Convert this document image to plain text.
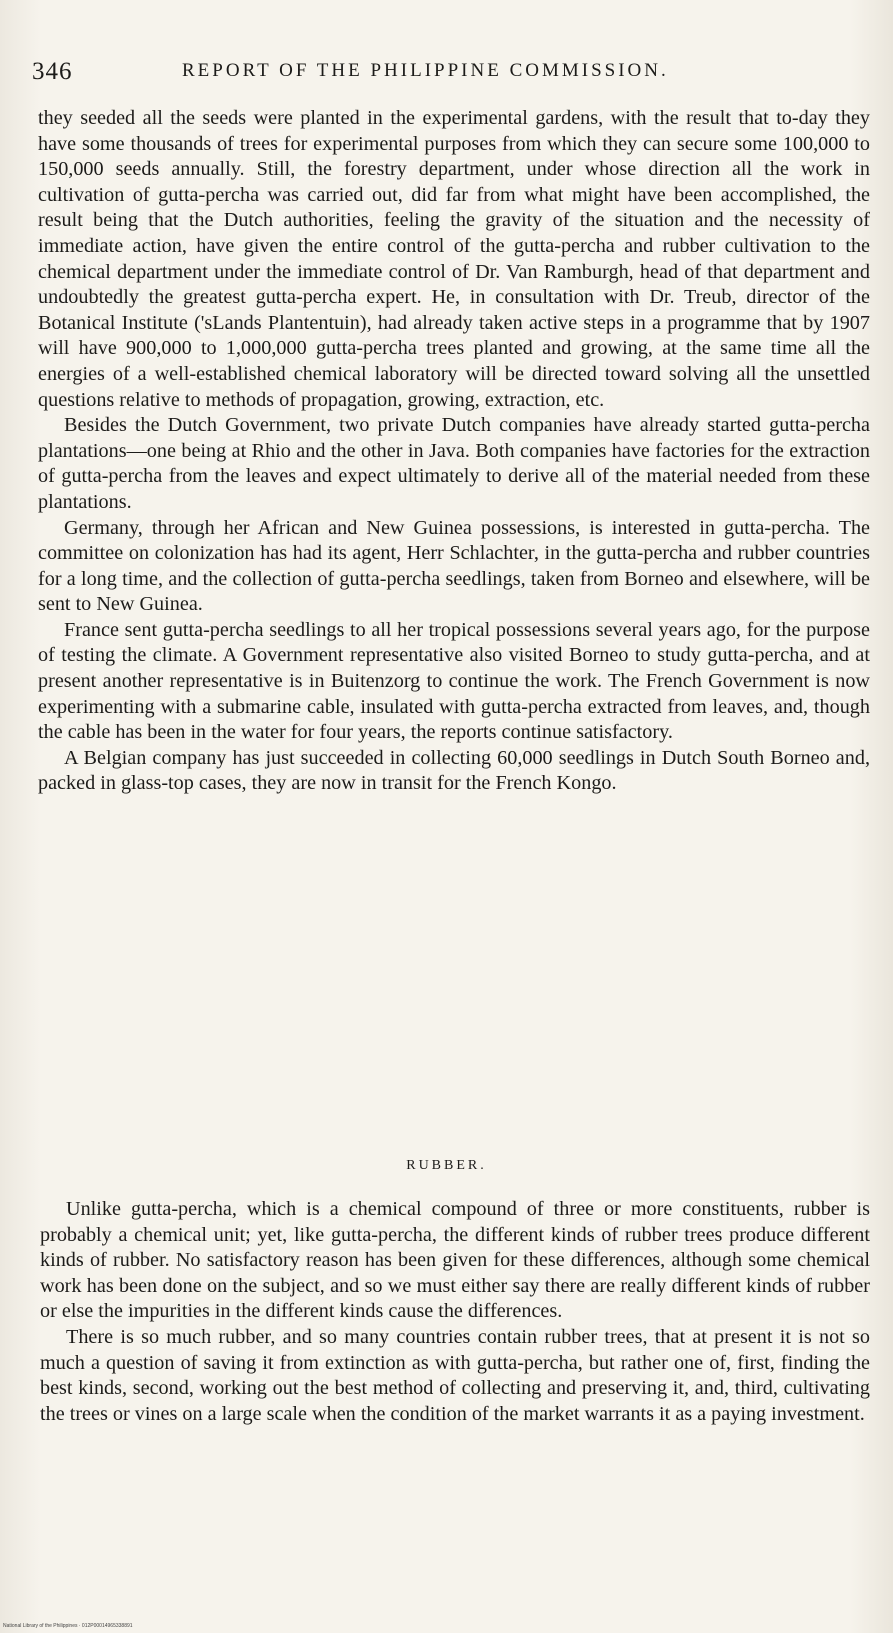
346	REPORT OF THE PHILIPPINE COMMISSION.

they seeded all the seeds were planted in the experimental gardens, with the result that to-day they have some thousands of trees for experimental purposes from which they can secure some 100,000 to 150,000 seeds annually. Still, the forestry department, under whose direction all the work in cultivation of gutta-percha was carried out, did far from what might have been accomplished, the result being that the Dutch authorities, feeling the gravity of the situation and the necessity of immediate action, have given the entire control of the gutta-percha and rubber cultivation to the chemical department under the immediate control of Dr. Van Ramburgh, head of that department and undoubtedly the greatest gutta-percha expert. He, in consultation with Dr. Treub, director of the Botanical Institute ('sLands Plantentuin), had already taken active steps in a programme that by 1907 will have 900,000 to 1,000,000 gutta-percha trees planted and growing, at the same time all the energies of a well-established chemical laboratory will be directed toward solving all the unsettled questions relative to methods of propagation, growing, extraction, etc.

Besides the Dutch Government, two private Dutch companies have already started gutta-percha plantations—one being at Rhio and the other in Java. Both companies have factories for the extraction of gutta-percha from the leaves and expect ultimately to derive all of the material needed from these plantations.

Germany, through her African and New Guinea possessions, is interested in gutta-percha. The committee on colonization has had its agent, Herr Schlachter, in the gutta-percha and rubber countries for a long time, and the collection of gutta-percha seedlings, taken from Borneo and elsewhere, will be sent to New Guinea.

France sent gutta-percha seedlings to all her tropical possessions several years ago, for the purpose of testing the climate. A Government representative also visited Borneo to study gutta-percha, and at present another representative is in Buitenzorg to continue the work. The French Government is now experimenting with a submarine cable, insulated with gutta-percha extracted from leaves, and, though the cable has been in the water for four years, the reports continue satisfactory.

A Belgian company has just succeeded in collecting 60,000 seedlings in Dutch South Borneo and, packed in glass-top cases, they are now in transit for the French Kongo.

RUBBER.

Unlike gutta-percha, which is a chemical compound of three or more constituents, rubber is probably a chemical unit; yet, like gutta-percha, the different kinds of rubber trees produce different kinds of rubber. No satisfactory reason has been given for these differences, although some chemical work has been done on the subject, and so we must either say there are really different kinds of rubber or else the impurities in the different kinds cause the differences.

There is so much rubber, and so many countries contain rubber trees, that at present it is not so much a question of saving it from extinction as with gutta-percha, but rather one of, first, finding the best kinds, second, working out the best method of collecting and preserving it, and, third, cultivating the trees or vines on a large scale when the condition of the market warrants it as a paying investment.

National Library of the Philippines · 012P00014965338891
